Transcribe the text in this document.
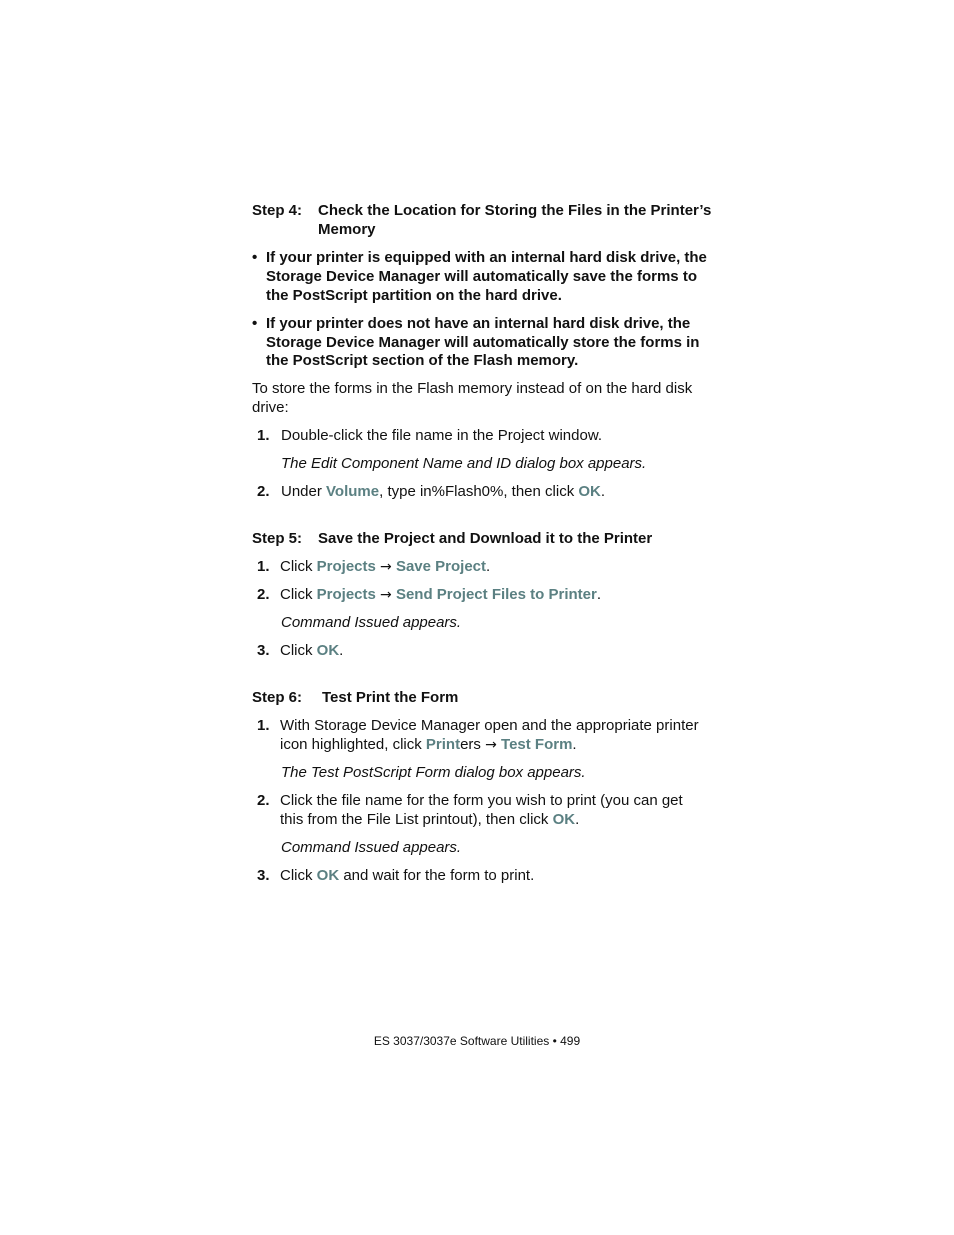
Step 4: Check the Location for Storing the Files in the Printer’s
Memory
• If your printer is equipped with an internal hard disk drive, the
Storage Device Manager will automatically save the forms to
the PostScript partition on the hard drive.
• If your printer does not have an internal hard disk drive, the
Storage Device Manager will automatically store the forms in
the PostScript section of the Flash memory.
To store the forms in the Flash memory instead of on the hard disk
drive:
1. Double-click the file name in the Project window.
The Edit Component Name and ID dialog box appears.
2. Under Volume, type in%Flash0%, then click OK.
Step 5: Save the Project and Download it to the Printer
1. Click Projects → Save Project.
2. Click Projects → Send Project Files to Printer.
Command Issued appears.
3. Click OK.
Step 6: Test Print the Form
1. With Storage Device Manager open and the appropriate printer
icon highlighted, click Printers → Test Form.
The Test PostScript Form dialog box appears.
2. Click the file name for the form you wish to print (you can get
this from the File List printout), then click OK.
Command Issued appears.
3. Click OK and wait for the form to print.
ES 3037/3037e Software Utilities • 499
